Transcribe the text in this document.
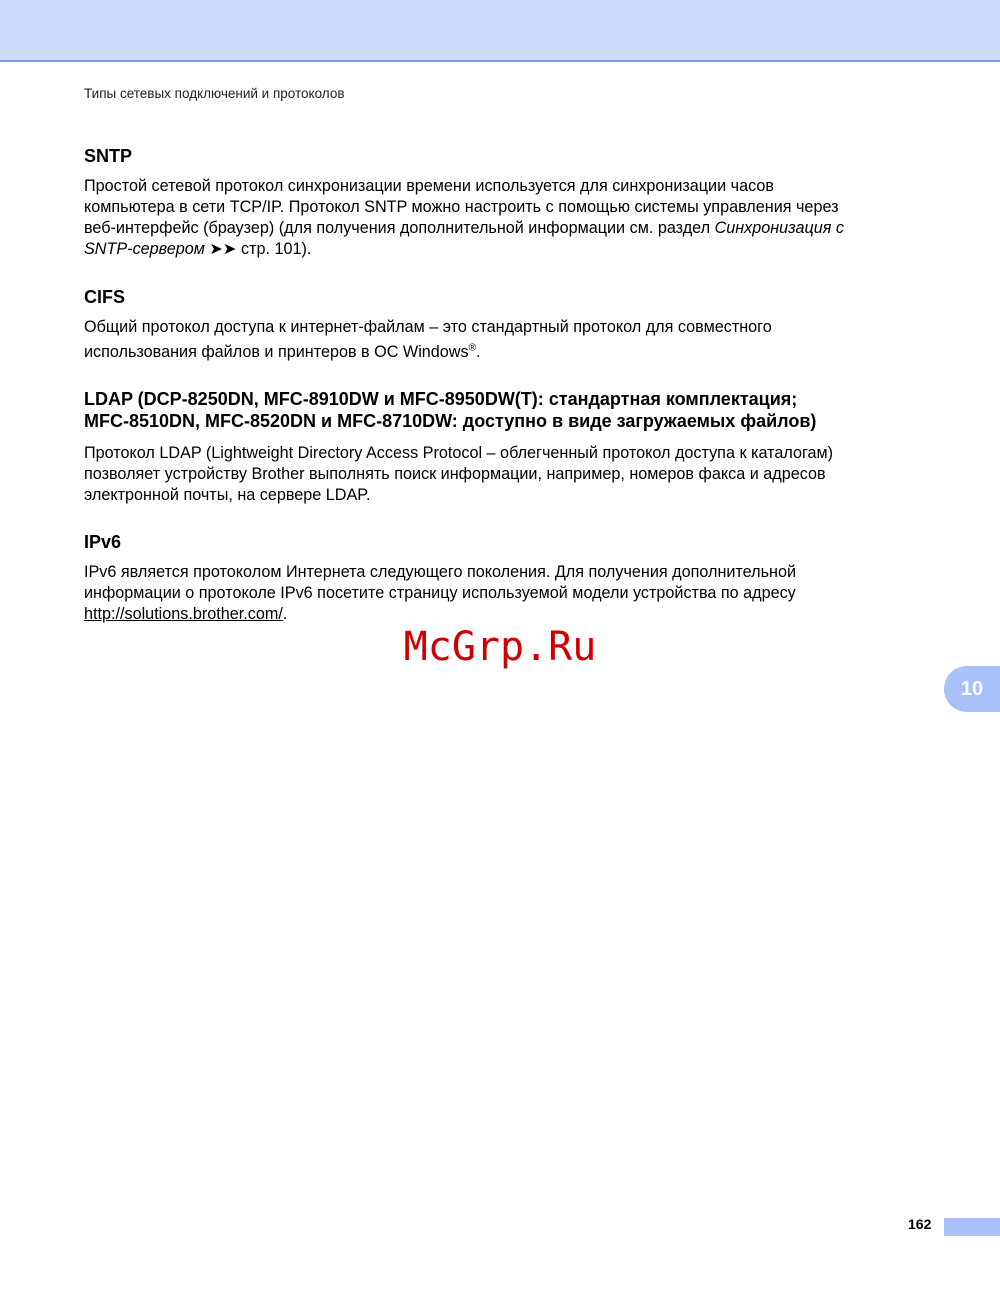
Типы сетевых подключений и протоколов
SNTP
Простой сетевой протокол синхронизации времени используется для синхронизации часов
компьютера в сети TCP/IP. Протокол SNTP можно настроить с помощью системы управления через
веб-интерфейс (браузер) (для получения дополнительной информации см. раздел Синхронизация с
SNTP-сервером ➤➤ стр. 101).
CIFS
Общий протокол доступа к интернет-файлам – это стандартный протокол для совместного
использования файлов и принтеров в ОС Windows®.
LDAP (DCP-8250DN, MFC-8910DW и MFC-8950DW(T): стандартная комплектация;
MFC-8510DN, MFC-8520DN и MFC-8710DW: доступно в виде загружаемых файлов)
Протокол LDAP (Lightweight Directory Access Protocol – облегченный протокол доступа к каталогам)
позволяет устройству Brother выполнять поиск информации, например, номеров факса и адресов
электронной почты, на сервере LDAP.
IPv6
IPv6 является протоколом Интернета следующего поколения. Для получения дополнительной
информации о протоколе IPv6 посетите страницу используемой модели устройства по адресу
http://solutions.brother.com/.
McGrp.Ru
10
162
